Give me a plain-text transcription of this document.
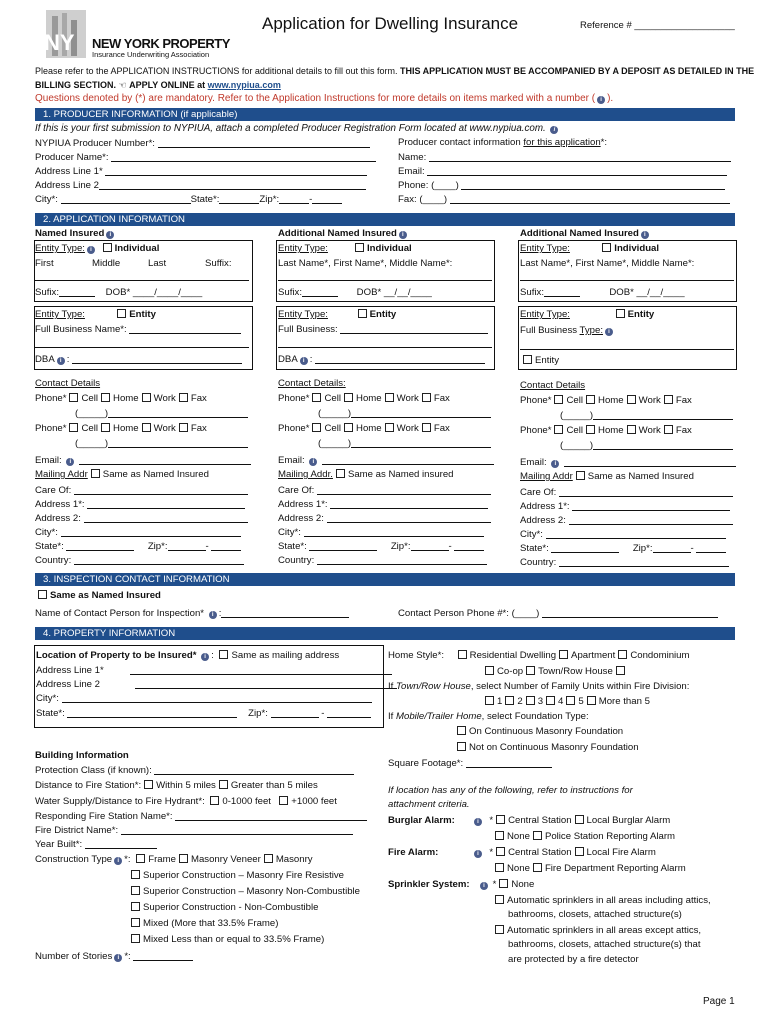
NY NEW YORK PROPERTY
Insurance Underwriting Association
Application for Dwelling Insurance	Reference # ___________________
Please refer to the APPLICATION INSTRUCTIONS for additional details to fill out this form. THIS APPLICATION MUST BE ACCOMPANIED BY A DEPOSIT AS DETAILED IN THE
BILLING SECTION. ☜ APPLY ONLINE at www.nypiua.com
Questions denoted by (*) are mandatory. Refer to the Application Instructions for more details on items marked with a number ( i ).
1. PRODUCER INFORMATION (if applicable)
If this is your first submission to NYPIUA, attach a completed Producer Registration Form located at www.nypiua.com. i
NYPIUA Producer Number*:
Producer Name*:
Address Line 1*
Address Line 2
City*:	State*:	Zip*:	-
Producer contact information for this application*:
Name:
Email:
Phone: (____)
Fax: (____)
2. APPLICATION INFORMATION
Named Insured i	Additional Named Insured i	Additional Named Insured i
Entity Type: i Individual
First	Middle	Last	Suffix:
Sufix:	DOB* ____/____/____
Entity Type:	Individual
Last Name*, First Name*, Middle Name*:
Sufix:	DOB* __/__/____
Entity Type:	Individual
Last Name*, First Name*, Middle Name*:
Sufix:	DOB* __/__/____
Entity Type:	Entity
Full Business Name*:
DBA i :
Entity Type:	Entity
Full Business:
DBA i :
Entity Type:	Entity
Full Business Type: i
Entity
Contact Details
Phone* Cell Home Work Fax
(_____)
Phone* Cell Home Work Fax
(_____)
Email: i
Mailing Addr Same as Named Insured
Care Of:
Address 1*:
Address 2:
City*:
State*:	Zip*:	-
Country:
Contact Details:
Phone* Cell Home Work Fax
(_____)
Phone* Cell Home Work Fax
(_____)
Email: i
Mailing Addr. Same as Named insured
Care Of:
Address 1*:
Address 2:
City*:
State*:	Zip*:	-
Country:
Contact Details
Phone* Cell Home Work Fax
(_____)
Phone* Cell Home Work Fax
(_____)
Email: i
Mailing Addr Same as Named Insured
Care Of:
Address 1*:
Address 2:
City*:
State*:	Zip*:	-
Country:
3. INSPECTION CONTACT INFORMATION
Same as Named Insured
Name of Contact Person for Inspection* i :	Contact Person Phone #*: (____)
4. PROPERTY INFORMATION
Location of Property to be Insured* i : Same as mailing address
Address Line 1*
Address Line 2
City*:
State*:	Zip*:	-
Home Style*:	Residential Dwelling Apartment Condominium
Co-op Town/Row House
If Town/Row House, select Number of Family Units within Fire Division:
1 2 3 4 5 More than 5
If Mobile/Trailer Home, select Foundation Type:
On Continuous Masonry Foundation
Not on Continuous Masonry Foundation
Square Footage*:
Building Information
Protection Class (if known):
Distance to Fire Station*: Within 5 miles Greater than 5 miles
Water Supply/Distance to Fire Hydrant*: 0-1000 feet +1000 feet
Responding Fire Station Name*:
Fire District Name*:
Year Built*:
Construction Type i *: Frame Masonry Veneer Masonry
Superior Construction – Masonry Fire Resistive
Superior Construction – Masonry Non-Combustible
Superior Construction - Non-Combustible
Mixed (More that 33.5% Frame)
Mixed Less than or equal to 33.5% Frame)
Number of Stories i *:
If location has any of the following, refer to instructions for
attachment criteria.
Burglar Alarm:	i  * Central Station Local Burglar Alarm
None Police Station Reporting Alarm
Fire Alarm:	i  * Central Station Local Fire Alarm
None Fire Department Reporting Alarm
Sprinkler System:	i * None
Automatic sprinklers in all areas including attics,
bathrooms, closets, attached structure(s)
Automatic sprinklers in all areas except attics,
bathrooms, closets, attached structure(s) that
are protected by a fire detector
Page 1
